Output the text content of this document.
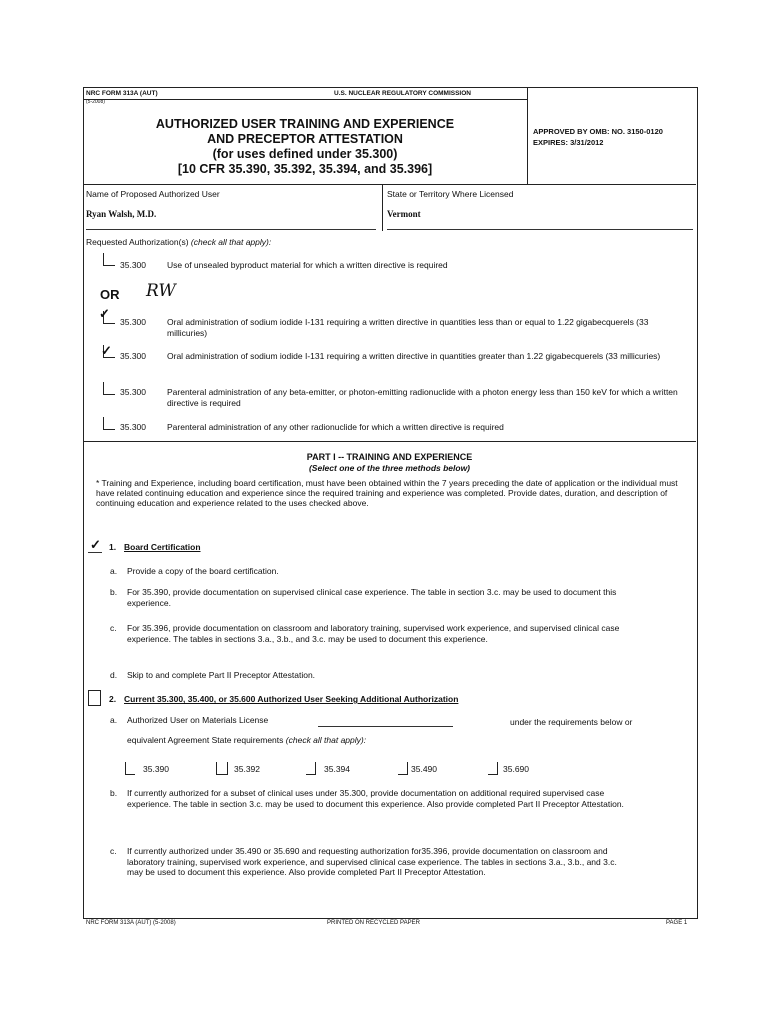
NRC FORM 313A (AUT)
(5-2008)
U.S. NUCLEAR REGULATORY COMMISSION
AUTHORIZED USER TRAINING AND EXPERIENCE
AND PRECEPTOR ATTESTATION
(for uses defined under 35.300)
[10 CFR 35.390, 35.392, 35.394, and 35.396]
APPROVED BY OMB: NO. 3150-0120
EXPIRES: 3/31/2012
Name of Proposed Authorized User
Ryan Walsh, M.D.
State or Territory Where Licensed
Vermont
Requested Authorization(s) (check all that apply):
35.300 Use of unsealed byproduct material for which a written directive is required
OR RW
✓
35.300 Oral administration of sodium iodide I-131 requiring a written directive in quantities less than or equal to 1.22 gigabecquerels (33 millicuries)
✓ 35.300 Oral administration of sodium iodide I-131 requiring a written directive in quantities greater than 1.22 gigabecquerels (33 millicuries)
35.300 Parenteral administration of any beta-emitter, or photon-emitting radionuclide with a photon energy less than 150 keV for which a written directive is required
35.300 Parenteral administration of any other radionuclide for which a written directive is required
PART I -- TRAINING AND EXPERIENCE
(Select one of the three methods below)
* Training and Experience, including board certification, must have been obtained within the 7 years preceding the date of application or the individual must have related continuing education and experience since the required training and experience was completed. Provide dates, duration, and description of continuing education and experience related to the uses checked above.
✓ 1. Board Certification
a. Provide a copy of the board certification.
b. For 35.390, provide documentation on supervised clinical case experience. The table in section 3.c. may be used to document this experience.
c. For 35.396, provide documentation on classroom and laboratory training, supervised work experience, and supervised clinical case experience. The tables in sections 3.a., 3.b., and 3.c. may be used to document this experience.
d. Skip to and complete Part II Preceptor Attestation.
2. Current 35.300, 35.400, or 35.600 Authorized User Seeking Additional Authorization
a. Authorized User on Materials License	under the requirements below or
equivalent Agreement State requirements (check all that apply):
35.390	35.392	35.394	35.490	35.690
b. If currently authorized for a subset of clinical uses under 35.300, provide documentation on additional required supervised case experience. The table in section 3.c. may be used to document this experience. Also provide completed Part II Preceptor Attestation.
c. If currently authorized under 35.490 or 35.690 and requesting authorization for35.396, provide documentation on classroom and laboratory training, supervised work experience, and supervised clinical case experience. The tables in sections 3.a., 3.b., and 3.c. may be used to document this experience. Also provide completed Part II Preceptor Attestation.
NRC FORM 313A (AUT) (5-2008)	PRINTED ON RECYCLED PAPER	PAGE 1
